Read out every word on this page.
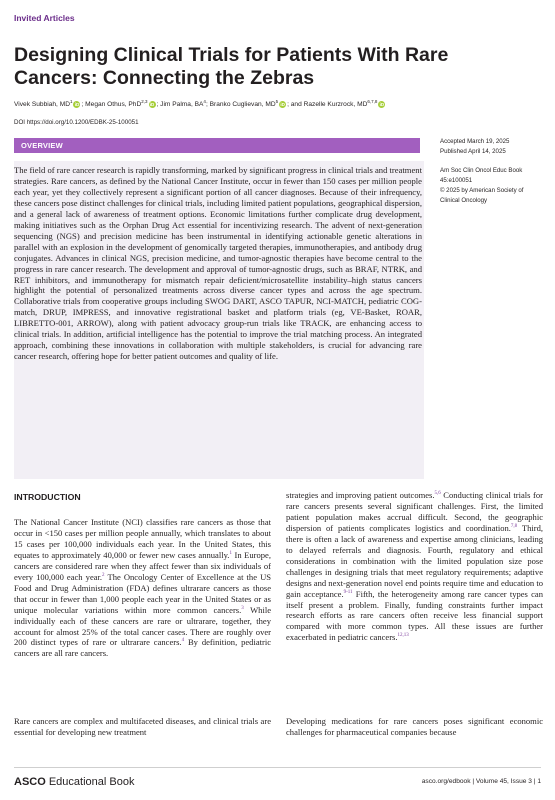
Invited Articles
Designing Clinical Trials for Patients With Rare Cancers: Connecting the Zebras
Vivek Subbiah, $MD^1iD$ ; Megan Othus, PhD$^{2,3}$iD ; Jim Palma, $BA^4$; Branko Cuglievan, $MD^5iD$ ; and Razelle Kurzrock, MD$^{6,7,8}$iD
DOI https://doi.org/10.1200/EDBK-25-100051
OVERVIEW	Accepted March 19, 2025
Published April 14, 2025
Am Soc Clin Oncol Educ Book
45:e100051
© 2025 by American Society of
Clinical Oncology

The field of rare cancer research is rapidly transforming, marked by significant progress in clinical trials and treatment strategies. Rare cancers, as defined by the National Cancer Institute, occur in fewer than 150 cases per million people each year, yet they collectively represent a significant portion of all cancer diagnoses. Because of their infrequency, these cancers pose distinct challenges for clinical trials, including limited patient populations, geographical dispersion, and a general lack of awareness of treatment options. Economic limitations further complicate drug development, making initiatives such as the Orphan Drug Act essential for incentivizing research. The advent of next-generation sequencing (NGS) and precision medicine has been instrumental in identifying actionable genetic alterations in parallel with an explosion in the development of genomically targeted therapies, immunotherapies, and antibody drug conjugates. Advances in clinical NGS, precision medicine, and tumor-agnostic therapies have become central to the progress in rare cancer research. The development and approval of tumor-agnostic drugs, such as BRAF, NTRK, and RET inhibitors, and immunotherapy for mismatch repair deficient/microsatellite instability–high status cancers highlight the potential of personalized treatments across diverse cancer types and across the age spectrum. Collaborative trials from cooperative groups including SWOG DART, ASCO TAPUR, NCI-MATCH, pediatric COG-match, DRUP, IMPRESS, and innovative registrational basket and platform trials (eg, VE-Basket, ROAR, LIBRETTO-001, ARROW), along with patient advocacy group-run trials like TRACK, are enhancing access to clinical trials. In addition, artificial intelligence has the potential to improve the trial matching process. An integrated approach, combining these innovations in collaboration with multiple stakeholders, is crucial for advancing rare cancer research, offering hope for better patient outcomes and quality of life.

INTRODUCTION
The National Cancer Institute (NCI) classifies rare cancers as those that occur in <150 cases per million people annually, which translates to about 15 cases per 100,000 individuals each year. In the United States, this equates to approximately 40,000 or fewer new cases annually.$^1$ In Europe, cancers are considered rare when they affect fewer than six individuals of every 100,000 each year.$^2$ The Oncology Center of Excellence at the US Food and Drug Administration (FDA) defines ultrarare cancers as those that occur in fewer than 1,000 people each year in the United States or as unique molecular variations within more common cancers.$^3$ While individually each of these cancers are rare or ultrarare, together, they account for almost 25% of the total cancer cases. There are roughly over 200 distinct types of rare or ultrarare cancers.$^4$ By definition, pediatric cancers are all rare cancers.
Rare cancers are complex and multifaceted diseases, and clinical trials are essential for developing new treatment
strategies and improving patient outcomes.$^{5,6}$ Conducting clinical trials for rare cancers presents several significant challenges. First, the limited patient population makes accrual difficult. Second, the geographic dispersion of patients complicates logistics and coordination.$^{7,8}$ Third, there is often a lack of awareness and expertise among clinicians, leading to delayed referrals and diagnosis. Fourth, regulatory and ethical considerations in combination with the limited population size pose challenges in designing trials that meet regulatory requirements; adaptive designs and next-generation novel end points require time and education to gain acceptance.$^{9-11}$ Fifth, the heterogeneity among rare cancer types can itself present a problem. Finally, funding constraints further impact research efforts as rare cancers often receive less financial support compared with more common types. All these issues are further exacerbated in pediatric cancers.$^{12,13}$
Developing medications for rare cancers poses significant economic challenges for pharmaceutical companies because
ASCO Educational Book	asco.org/edbook | Volume 45, Issue 3 | 1
